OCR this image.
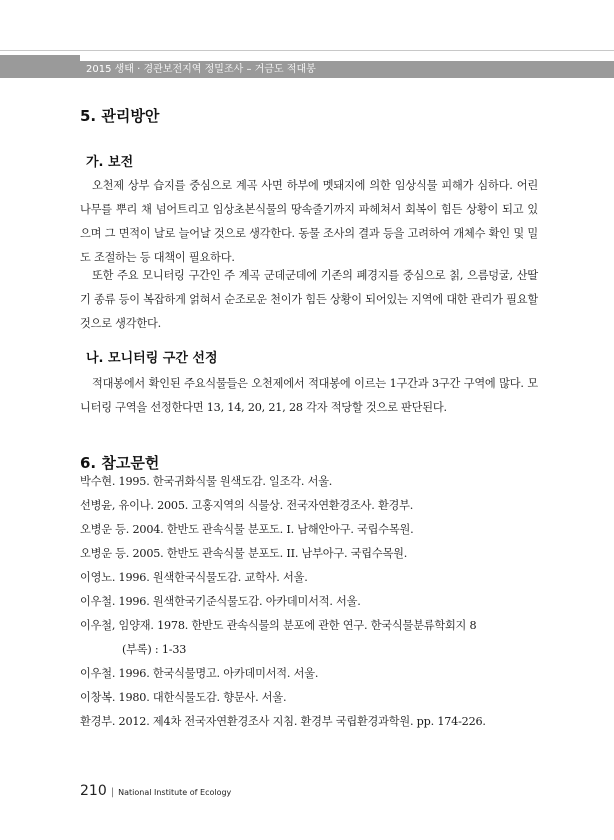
2015 생태 · 경관보전지역 정밀조사 – 거금도 적대봉
5. 관리방안
가. 보전
오천제 상부 습지를 중심으로 계곡 사면 하부에 멧돼지에 의한 임상식물 피해가 심하다. 어린나무를 뿌리 채 넘어트리고 임상초본식물의 땅속줄기까지 파헤쳐서 회복이 힘든 상황이 되고 있으며 그 면적이 날로 늘어날 것으로 생각한다. 동물 조사의 결과 등을 고려하여 개체수 확인 및 밀도 조절하는 등 대책이 필요하다.
또한 주요 모니터링 구간인 주 계곡 군데군데에 기존의 폐경지를 중심으로 칡, 으름덩굴, 산딸기 종류 등이 복잡하게 얽혀서 순조로운 천이가 힘든 상황이 되어있는 지역에 대한 관리가 필요할 것으로 생각한다.
나. 모니터링 구간 선정
적대봉에서 확인된 주요식물들은 오천제에서 적대봉에 이르는 1구간과 3구간 구역에 많다. 모니터링 구역을 선정한다면 13, 14, 20, 21, 28 각자 적당할 것으로 판단된다.
6. 참고문헌
박수현. 1995. 한국귀화식물 원색도감. 일조각. 서울.
선병윤, 유이나. 2005. 고홍지역의 식물상. 전국자연환경조사. 환경부.
오병운 등. 2004. 한반도 관속식물 분포도. I. 남해안아구. 국립수목원.
오병운 등. 2005. 한반도 관속식물 분포도. II. 남부아구. 국립수목원.
이영노. 1996. 원색한국식물도감. 교학사. 서울.
이우철. 1996. 원색한국기준식물도감. 아카데미서적. 서울.
이우철, 임양재. 1978. 한반도 관속식물의 분포에 관한 연구. 한국식물분류학회지 8
(부록) : 1-33
이우철. 1996. 한국식물명고. 아카데미서적. 서울.
이창복. 1980. 대한식물도감. 향문사. 서울.
환경부. 2012. 제4차 전국자연환경조사 지침. 환경부 국립환경과학원. pp. 174-226.
210 | National Institute of Ecology
